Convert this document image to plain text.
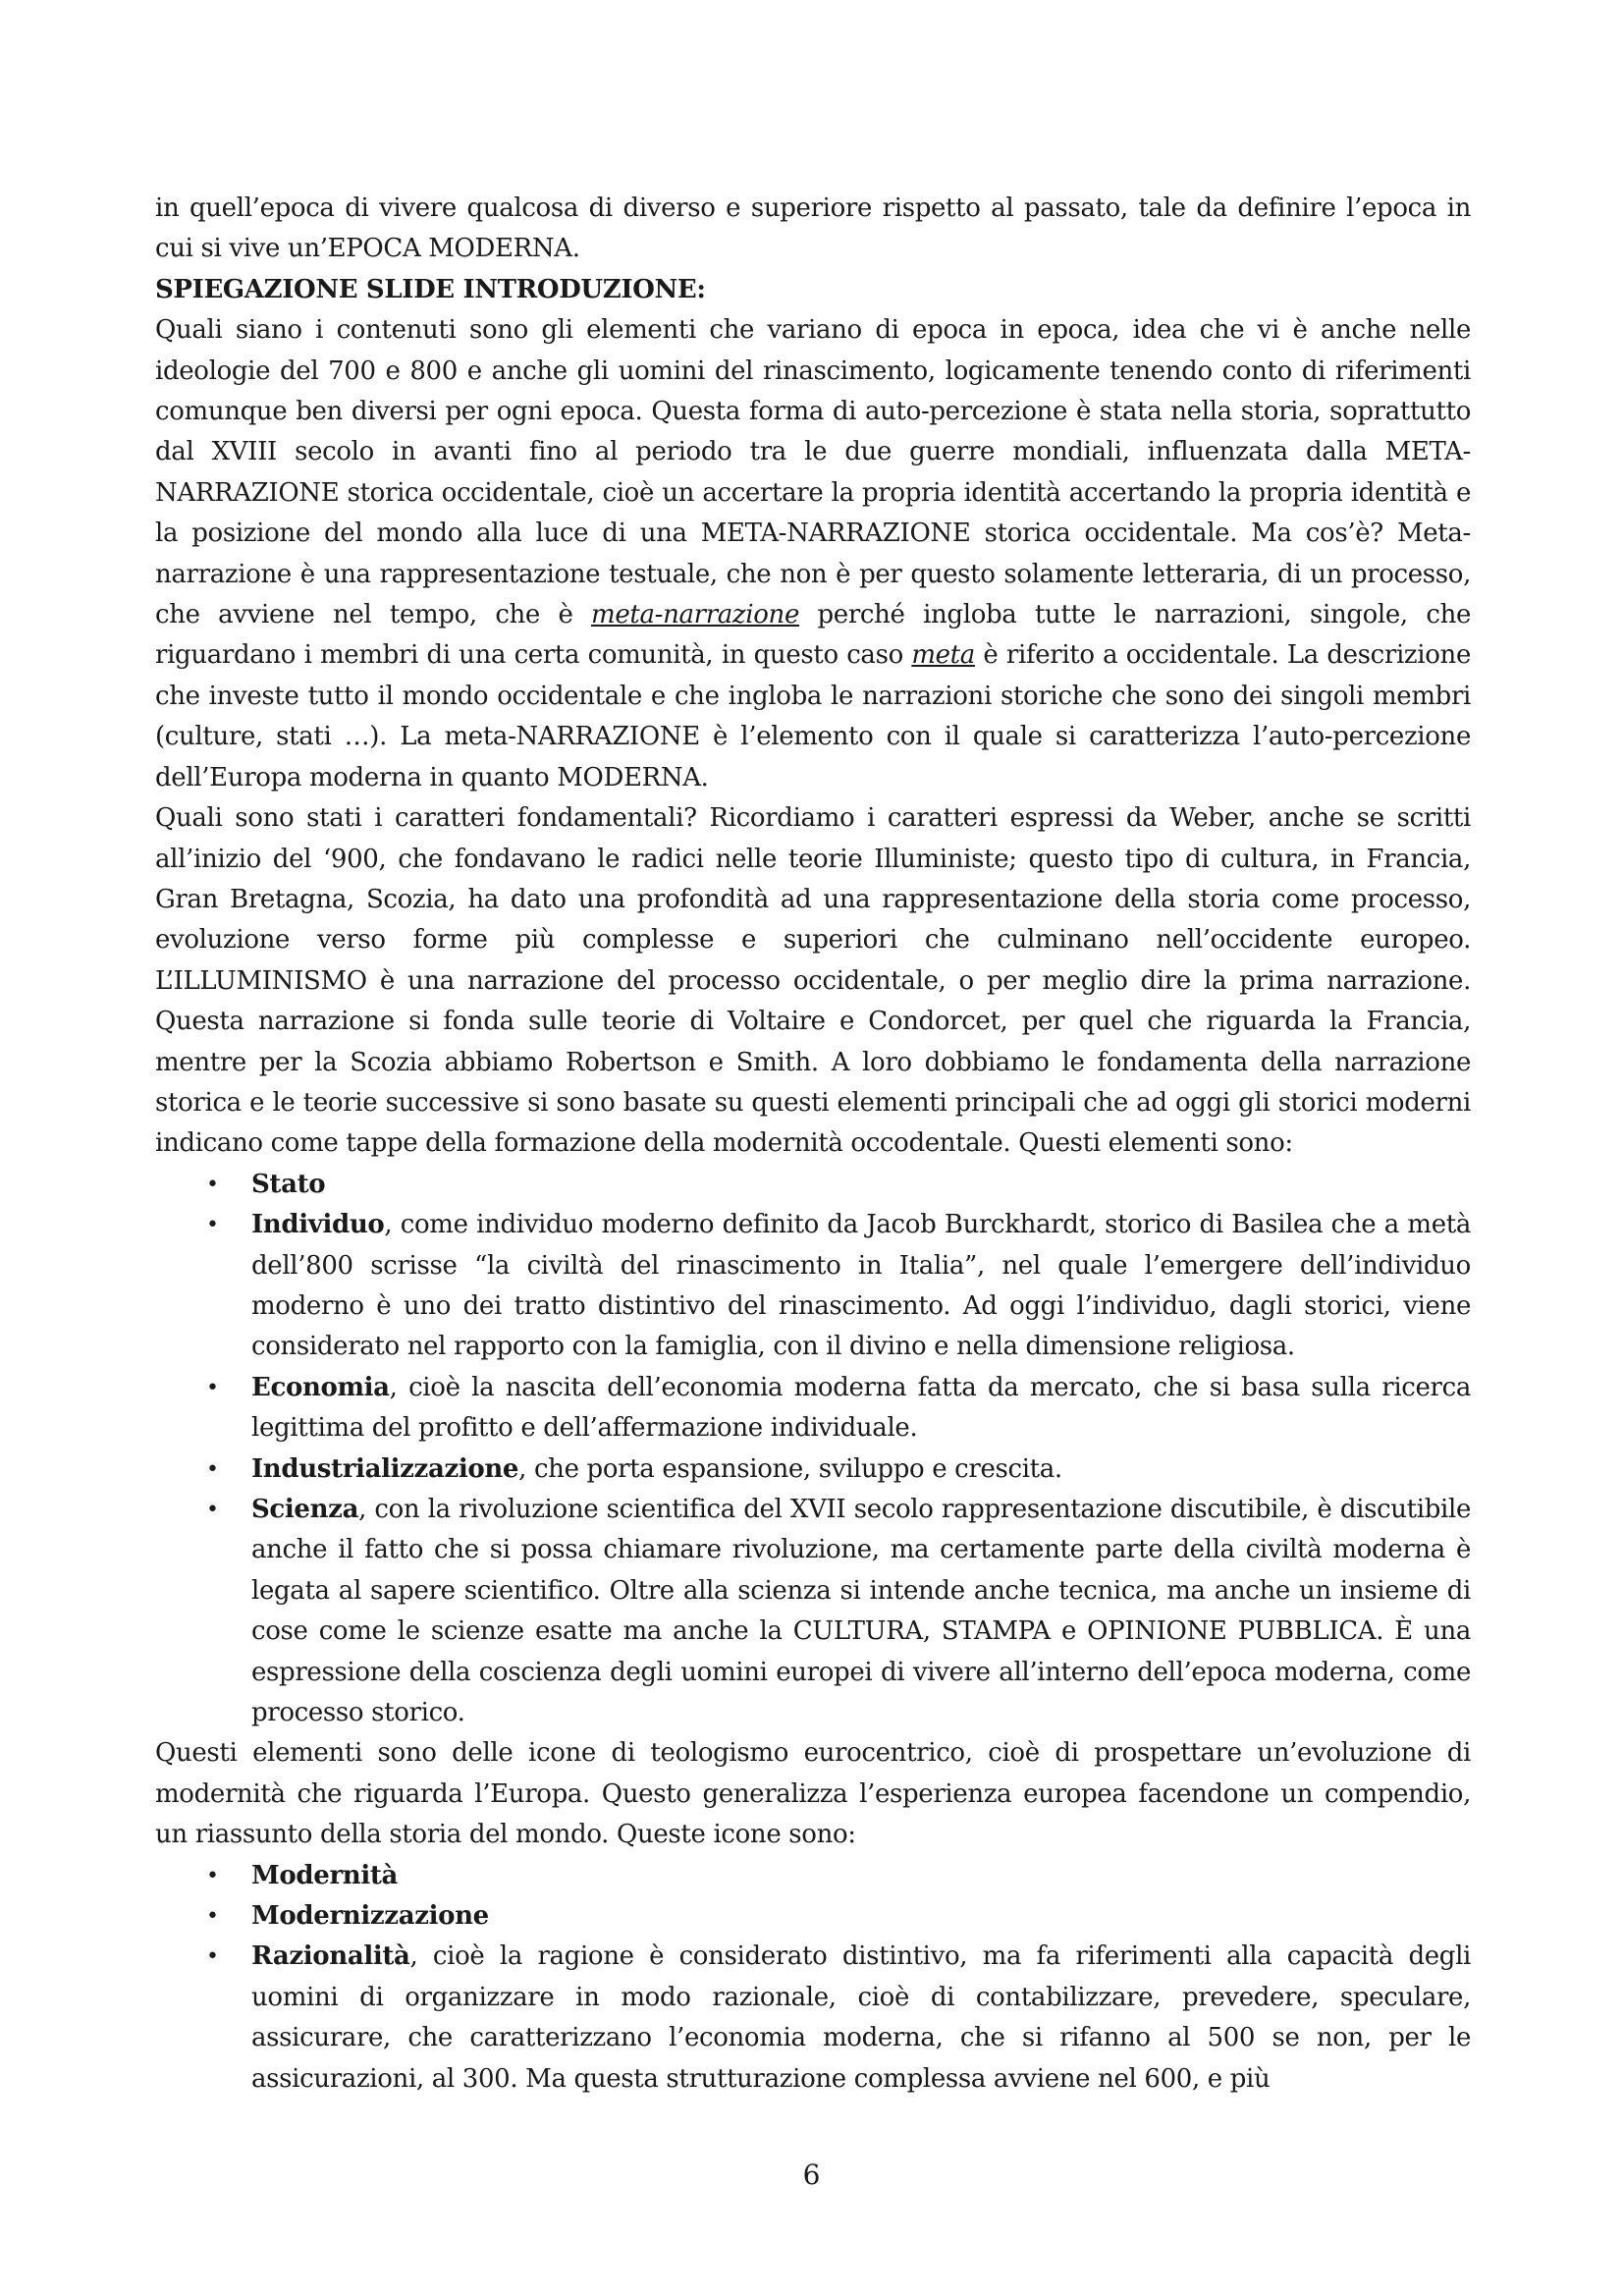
in quell’epoca di vivere qualcosa di diverso e superiore rispetto al passato, tale da definire l’epoca in cui si vive un’EPOCA MODERNA.

SPIEGAZIONE SLIDE INTRODUZIONE:

Quali siano i contenuti sono gli elementi che variano di epoca in epoca, idea che vi è anche nelle ideologie del 700 e 800 e anche gli uomini del rinascimento, logicamente tenendo conto di riferimenti comunque ben diversi per ogni epoca. Questa forma di auto-percezione è stata nella storia, soprattutto dal XVIII secolo in avanti fino al periodo tra le due guerre mondiali, influenzata dalla META-NARRAZIONE storica occidentale, cioè un accertare la propria identità accertando la propria identità e la posizione del mondo alla luce di una META-NARRAZIONE storica occidentale. Ma cos’è? Meta-narrazione è una rappresentazione testuale, che non è per questo solamente letteraria, di un processo, che avviene nel tempo, che è meta-narrazione perché ingloba tutte le narrazioni, singole, che riguardano i membri di una certa comunità, in questo caso meta è riferito a occidentale. La descrizione che investe tutto il mondo occidentale e che ingloba le narrazioni storiche che sono dei singoli membri (culture, stati …). La meta-NARRAZIONE è l’elemento con il quale si caratterizza l’auto-percezione dell’Europa moderna in quanto MODERNA.

Quali sono stati i caratteri fondamentali? Ricordiamo i caratteri espressi da Weber, anche se scritti all’inizio del ‘900, che fondavano le radici nelle teorie Illuministe; questo tipo di cultura, in Francia, Gran Bretagna, Scozia, ha dato una profondità ad una rappresentazione della storia come processo, evoluzione verso forme più complesse e superiori che culminano nell’occidente europeo. L’ILLUMINISMO è una narrazione del processo occidentale, o per meglio dire la prima narrazione. Questa narrazione si fonda sulle teorie di Voltaire e Condorcet, per quel che riguarda la Francia, mentre per la Scozia abbiamo Robertson e Smith. A loro dobbiamo le fondamenta della narrazione storica e le teorie successive si sono basate su questi elementi principali che ad oggi gli storici moderni indicano come tappe della formazione della modernità occodentale. Questi elementi sono:

• Stato
• Individuo, come individuo moderno definito da Jacob Burckhardt, storico di Basilea che a metà dell’800 scrisse “la civiltà del rinascimento in Italia”, nel quale l’emergere dell’individuo moderno è uno dei tratto distintivo del rinascimento. Ad oggi l’individuo, dagli storici, viene considerato nel rapporto con la famiglia, con il divino e nella dimensione religiosa.
• Economia, cioè la nascita dell’economia moderna fatta da mercato, che si basa sulla ricerca legittima del profitto e dell’affermazione individuale.
• Industrializzazione, che porta espansione, sviluppo e crescita.
• Scienza, con la rivoluzione scientifica del XVII secolo rappresentazione discutibile, è discutibile anche il fatto che si possa chiamare rivoluzione, ma certamente parte della civiltà moderna è legata al sapere scientifico. Oltre alla scienza si intende anche tecnica, ma anche un insieme di cose come le scienze esatte ma anche la CULTURA, STAMPA e OPINIONE PUBBLICA. È una espressione della coscienza degli uomini europei di vivere all’interno dell’epoca moderna, come processo storico.

Questi elementi sono delle icone di teologismo eurocentrico, cioè di prospettare un’evoluzione di modernità che riguarda l’Europa. Questo generalizza l’esperienza europea facendone un compendio, un riassunto della storia del mondo. Queste icone sono:

• Modernità
• Modernizzazione
• Razionalità, cioè la ragione è considerato distintivo, ma fa riferimenti alla capacità degli uomini di organizzare in modo razionale, cioè di contabilizzare, prevedere, speculare, assicurare, che caratterizzano l’economia moderna, che si rifanno al 500 se non, per le assicurazioni, al 300. Ma questa strutturazione complessa avviene nel 600, e più
6
